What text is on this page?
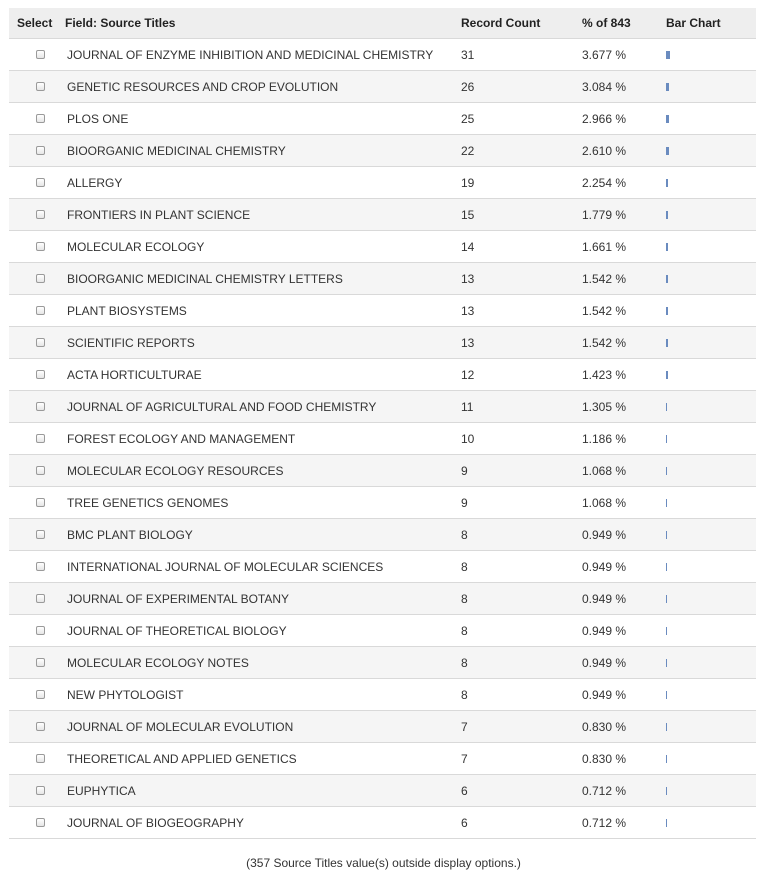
Select Field: Source Titles	Record Count	% of 843	Bar Chart
JOURNAL OF ENZYME INHIBITION AND MEDICINAL CHEMISTRY 31	3.677 %
GENETIC RESOURCES AND CROP EVOLUTION	26	3.084 %
PLOS ONE	25	2.966 %
BIOORGANIC MEDICINAL CHEMISTRY	22	2.610 %
ALLERGY	19	2.254 %
FRONTIERS IN PLANT SCIENCE	15	1.779 %
MOLECULAR ECOLOGY	14	1.661 %
BIOORGANIC MEDICINAL CHEMISTRY LETTERS	13	1.542 %
PLANT BIOSYSTEMS	13	1.542 %
SCIENTIFIC REPORTS	13	1.542 %
ACTA HORTICULTURAE	12	1.423 %
JOURNAL OF AGRICULTURAL AND FOOD CHEMISTRY	11	1.305 %
FOREST ECOLOGY AND MANAGEMENT	10	1.186 %
MOLECULAR ECOLOGY RESOURCES	9	1.068 %
TREE GENETICS GENOMES	9	1.068 %
BMC PLANT BIOLOGY	8	0.949 %
INTERNATIONAL JOURNAL OF MOLECULAR SCIENCES	8	0.949 %
JOURNAL OF EXPERIMENTAL BOTANY	8	0.949 %
JOURNAL OF THEORETICAL BIOLOGY	8	0.949 %
MOLECULAR ECOLOGY NOTES	8	0.949 %
NEW PHYTOLOGIST	8	0.949 %
JOURNAL OF MOLECULAR EVOLUTION	7	0.830 %
THEORETICAL AND APPLIED GENETICS	7	0.830 %
EUPHYTICA	6	0.712 %
JOURNAL OF BIOGEOGRAPHY	6	0.712 %
(357 Source Titles value(s) outside display options.)
